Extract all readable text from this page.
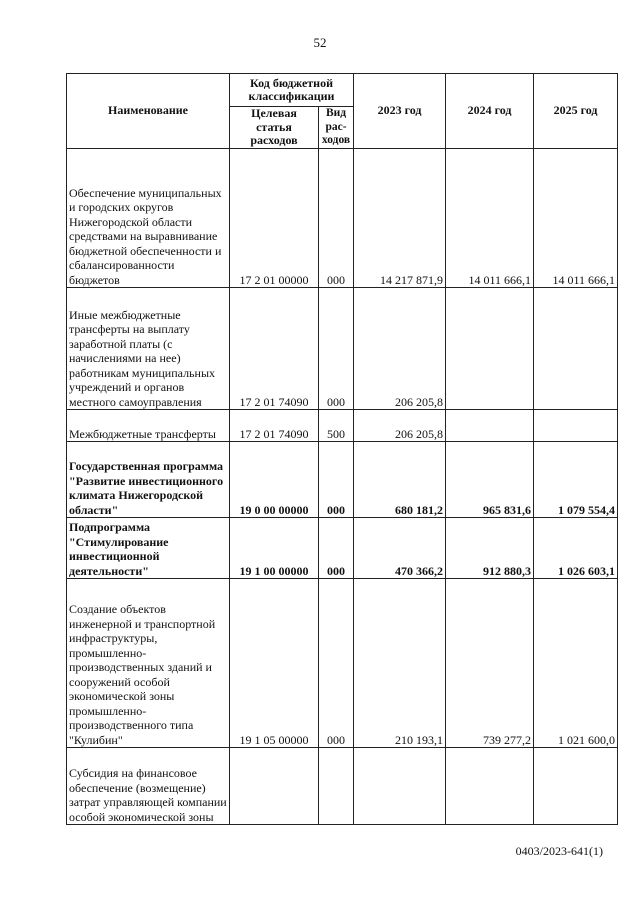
52
Наименование	Код бюджетной классификации		2023 год	2024 год	2025 год
	Целевая статья расходов	Вид рас- ходов			
Обеспечение муниципальных и городских округов Нижегородской области средствами на выравнивание бюджетной обеспеченности и сбалансированности бюджетов	17 2 01 00000	000	14 217 871,9	14 011 666,1	14 011 666,1
Иные межбюджетные трансферты на выплату заработной платы (с начислениями на нее) работникам муниципальных учреждений и органов местного самоуправления	17 2 01 74090	000	206 205,8		
Межбюджетные трансферты	17 2 01 74090	500	206 205,8		
Государственная программа "Развитие инвестиционного климата Нижегородской области"	19 0 00 00000	000	680 181,2	965 831,6	1 079 554,4
Подпрограмма "Стимулирование инвестиционной деятельности"	19 1 00 00000	000	470 366,2	912 880,3	1 026 603,1
Создание объектов инженерной и транспортной инфраструктуры, промышленно-производственных зданий и сооружений особой экономической зоны промышленно-производственного типа "Кулибин"	19 1 05 00000	000	210 193,1	739 277,2	1 021 600,0
Субсидия на финансовое обеспечение (возмещение) затрат управляющей компании особой экономической зоны					
0403/2023-641(1)
